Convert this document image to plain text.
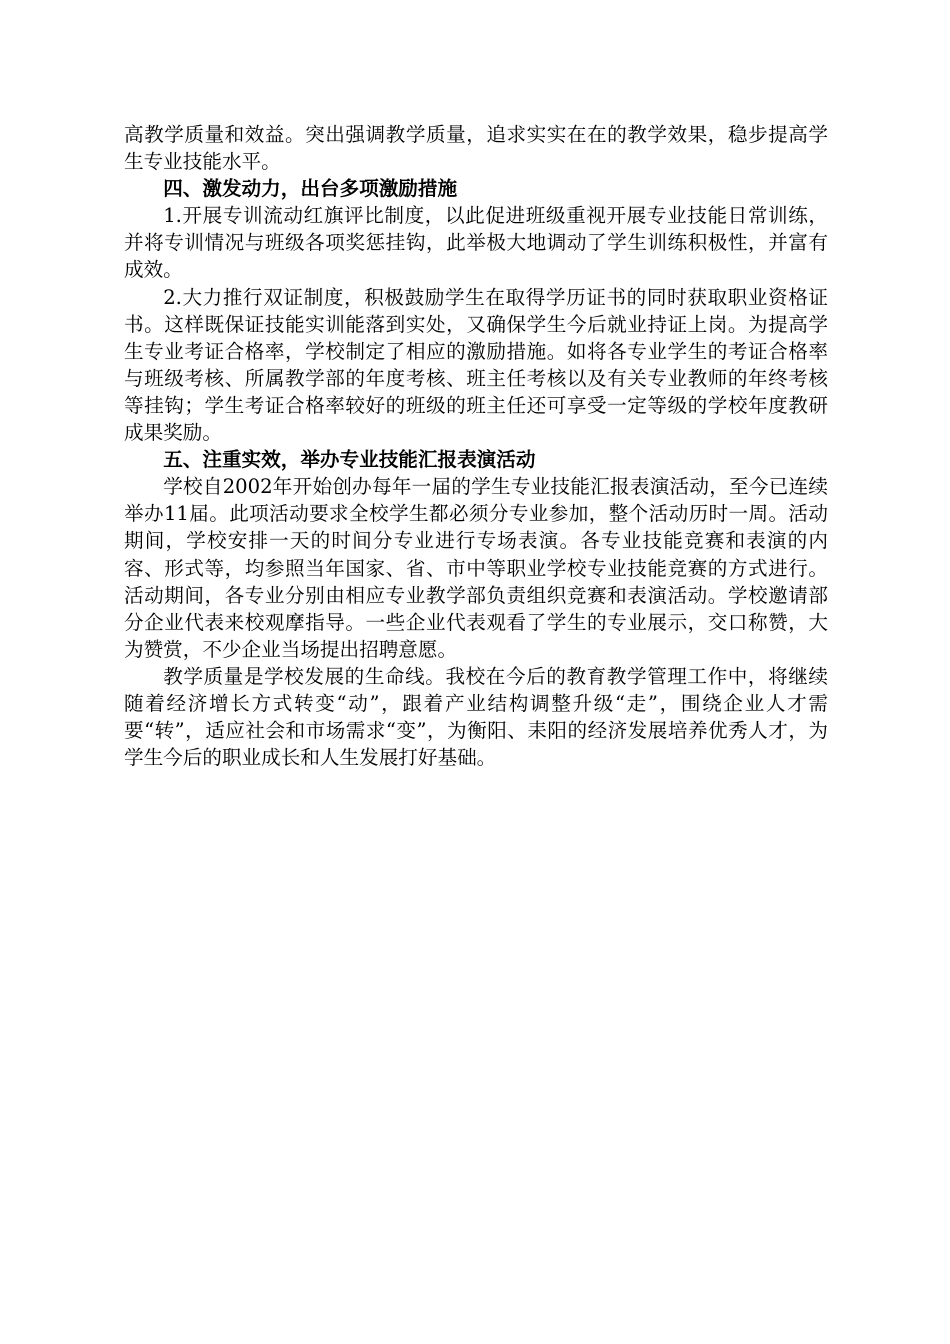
高教学质量和效益。突出强调教学质量，追求实实在在的教学效果，稳步提高学生专业技能水平。

四、激发动力，出台多项激励措施

1.开展专训流动红旗评比制度，以此促进班级重视开展专业技能日常训练，并将专训情况与班级各项奖惩挂钩，此举极大地调动了学生训练积极性，并富有成效。

2.大力推行双证制度，积极鼓励学生在取得学历证书的同时获取职业资格证书。这样既保证技能实训能落到实处，又确保学生今后就业持证上岗。为提高学生专业考证合格率，学校制定了相应的激励措施。如将各专业学生的考证合格率与班级考核、所属教学部的年度考核、班主任考核以及有关专业教师的年终考核等挂钩；学生考证合格率较好的班级的班主任还可享受一定等级的学校年度教研成果奖励。

五、注重实效，举办专业技能汇报表演活动

学校自2002年开始创办每年一届的学生专业技能汇报表演活动，至今已连续举办11届。此项活动要求全校学生都必须分专业参加，整个活动历时一周。活动期间，学校安排一天的时间分专业进行专场表演。各专业技能竞赛和表演的内容、形式等，均参照当年国家、省、市中等职业学校专业技能竞赛的方式进行。活动期间，各专业分别由相应专业教学部负责组织竞赛和表演活动。学校邀请部分企业代表来校观摩指导。一些企业代表观看了学生的专业展示，交口称赞，大为赞赏，不少企业当场提出招聘意愿。

教学质量是学校发展的生命线。我校在今后的教育教学管理工作中，将继续随着经济增长方式转变“动”，跟着产业结构调整升级“走”，围绕企业人才需要“转”，适应社会和市场需求“变”，为衡阳、耒阳的经济发展培养优秀人才，为学生今后的职业成长和人生发展打好基础。
